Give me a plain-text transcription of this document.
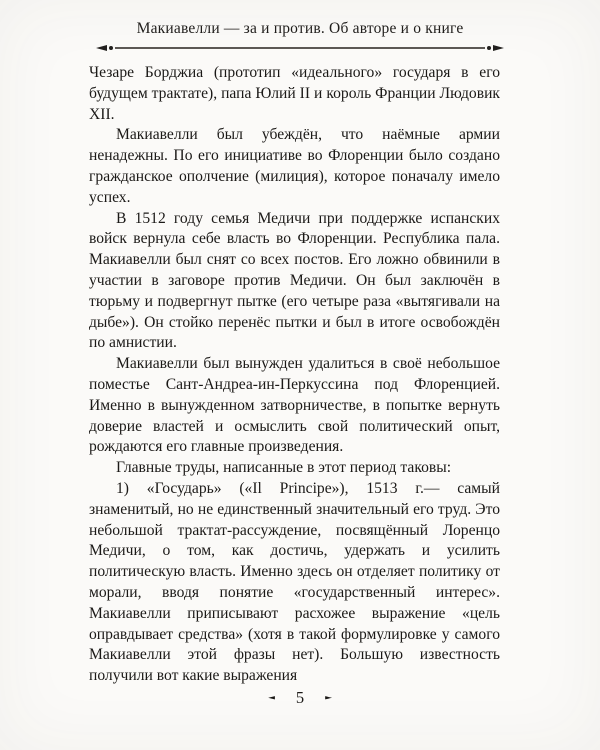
Макиавелли — за и против. Об авторе и о книге

Чезаре Борджиа (прототип «идеального» государя в его будущем трактате), папа Юлий II и король Франции Людовик XII.

Макиавелли был убеждён, что наёмные армии ненадежны. По его инициативе во Флоренции было создано гражданское ополчение (милиция), которое поначалу имело успех.

В 1512 году семья Медичи при поддержке испанских войск вернула себе власть во Флоренции. Республика пала. Макиавелли был снят со всех постов. Его ложно обвинили в участии в заговоре против Медичи. Он был заключён в тюрьму и подвергнут пытке (его четыре раза «вытягивали на дыбе»). Он стойко перенёс пытки и был в итоге освобождён по амнистии.

Макиавелли был вынужден удалиться в своё небольшое поместье Сант-Андреа-ин-Перкуссина под Флоренцией. Именно в вынужденном затворничестве, в попытке вернуть доверие властей и осмыслить свой политический опыт, рождаются его главные произведения.

Главные труды, написанные в этот период таковы:

1) «Государь» («Il Principe»), 1513 г.— самый знаменитый, но не единственный значительный его труд. Это небольшой трактат-рассуждение, посвящённый Лоренцо Медичи, о том, как достичь, удержать и усилить политическую власть. Именно здесь он отделяет политику от морали, вводя понятие «государственный интерес». Макиавелли приписывают расхожее выражение «цель оправдывает средства» (хотя в такой формулировке у самого Макиавелли этой фразы нет). Большую известность получили вот какие выражения

◄ 5 ►
